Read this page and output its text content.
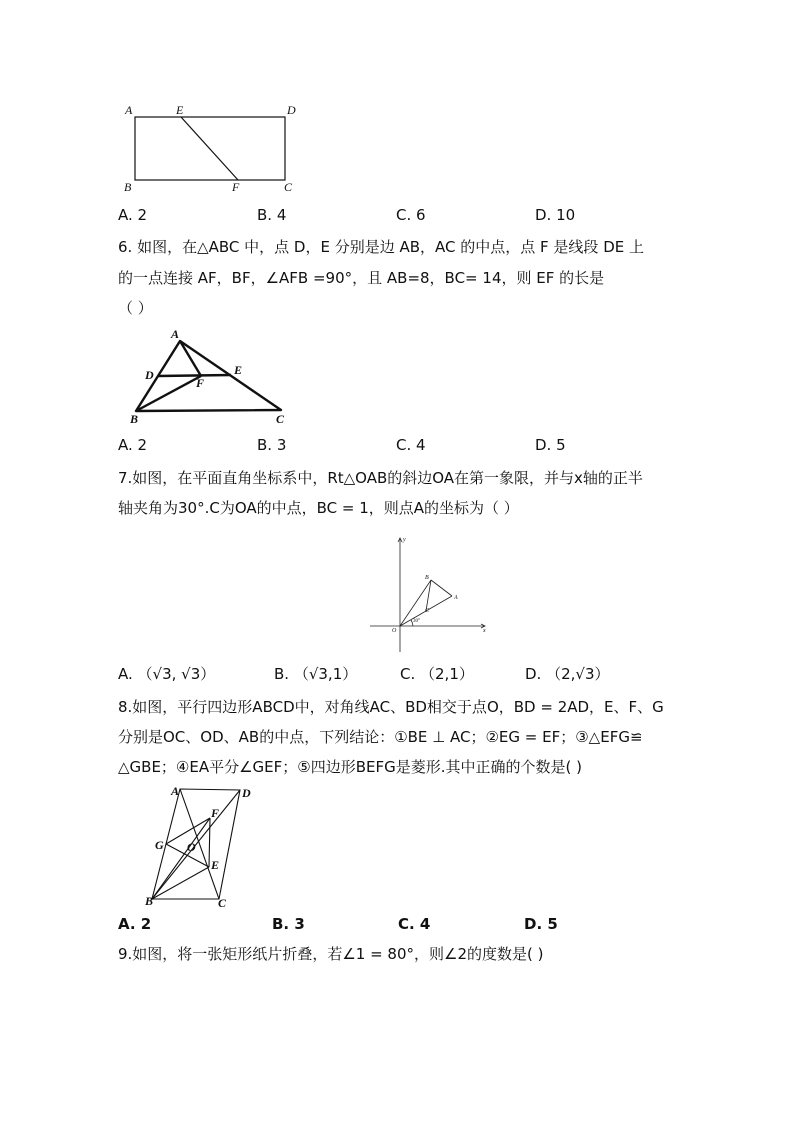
A	E	D
B	F	C
A. 2	B. 4	C. 6	D. 10
6. 如图，在△ABC 中，点 D，E 分别是边 AB，AC 的中点，点 F 是线段 DE 上
的一点连接 AF，BF，∠AFB =90°，且 AB=8，BC= 14，则 EF 的长是
（ ）
A
D	E
F
B	C
A. 2	B. 3	C. 4	D. 5
7.如图，在平面直角坐标系中，Rt△OAB的斜边OA在第一象限，并与x轴的正半
轴夹角为30°.C为OA的中点，BC = 1，则点A的坐标为（ ）
y
x
O
B
A
C
30°
A. （√3, √3）	B. （√3,1）	C. （2,1）	D. （2,√3）
8.如图，平行四边形ABCD中，对角线AC、BD相交于点O，BD = 2AD，E、F、G
分别是OC、OD、AB的中点，下列结论：①BE ⊥ AC；②EG = EF；③△EFG≌
△GBE；④EA平分∠GEF；⑤四边形BEFG是菱形.其中正确的个数是( )
A	D
F
G O
E
B	C
A. 2	B. 3	C. 4	D. 5
9.如图，将一张矩形纸片折叠，若∠1 = 80°，则∠2的度数是( )
